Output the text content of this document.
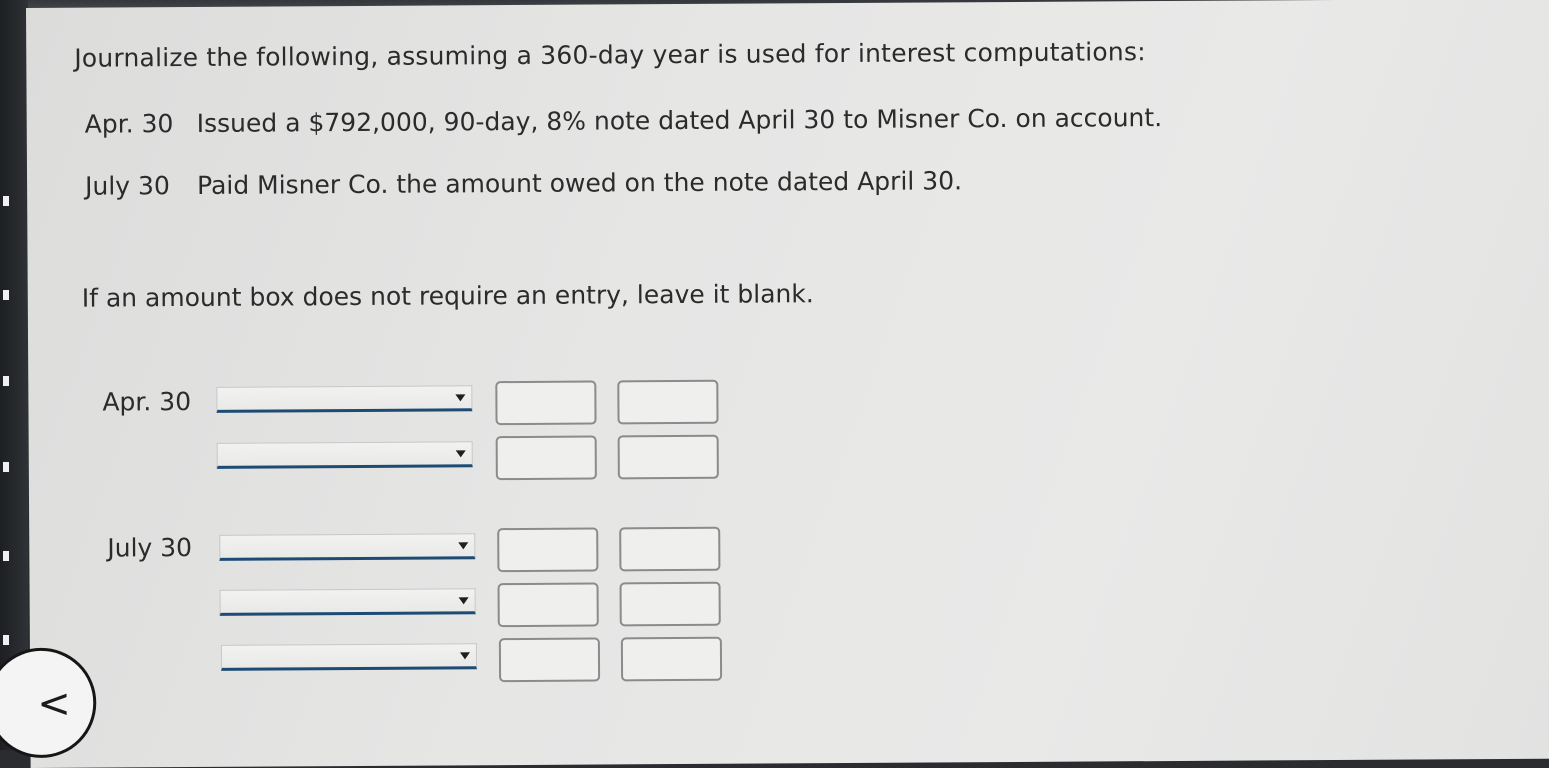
Journalize the following, assuming a 360-day year is used for interest computations:
Apr. 30 Issued a $792,000, 90-day, 8% note dated April 30 to Misner Co. on account.
July 30 Paid Misner Co. the amount owed on the note dated April 30.
If an amount box does not require an entry, leave it blank.
Apr. 30
July 30
<
